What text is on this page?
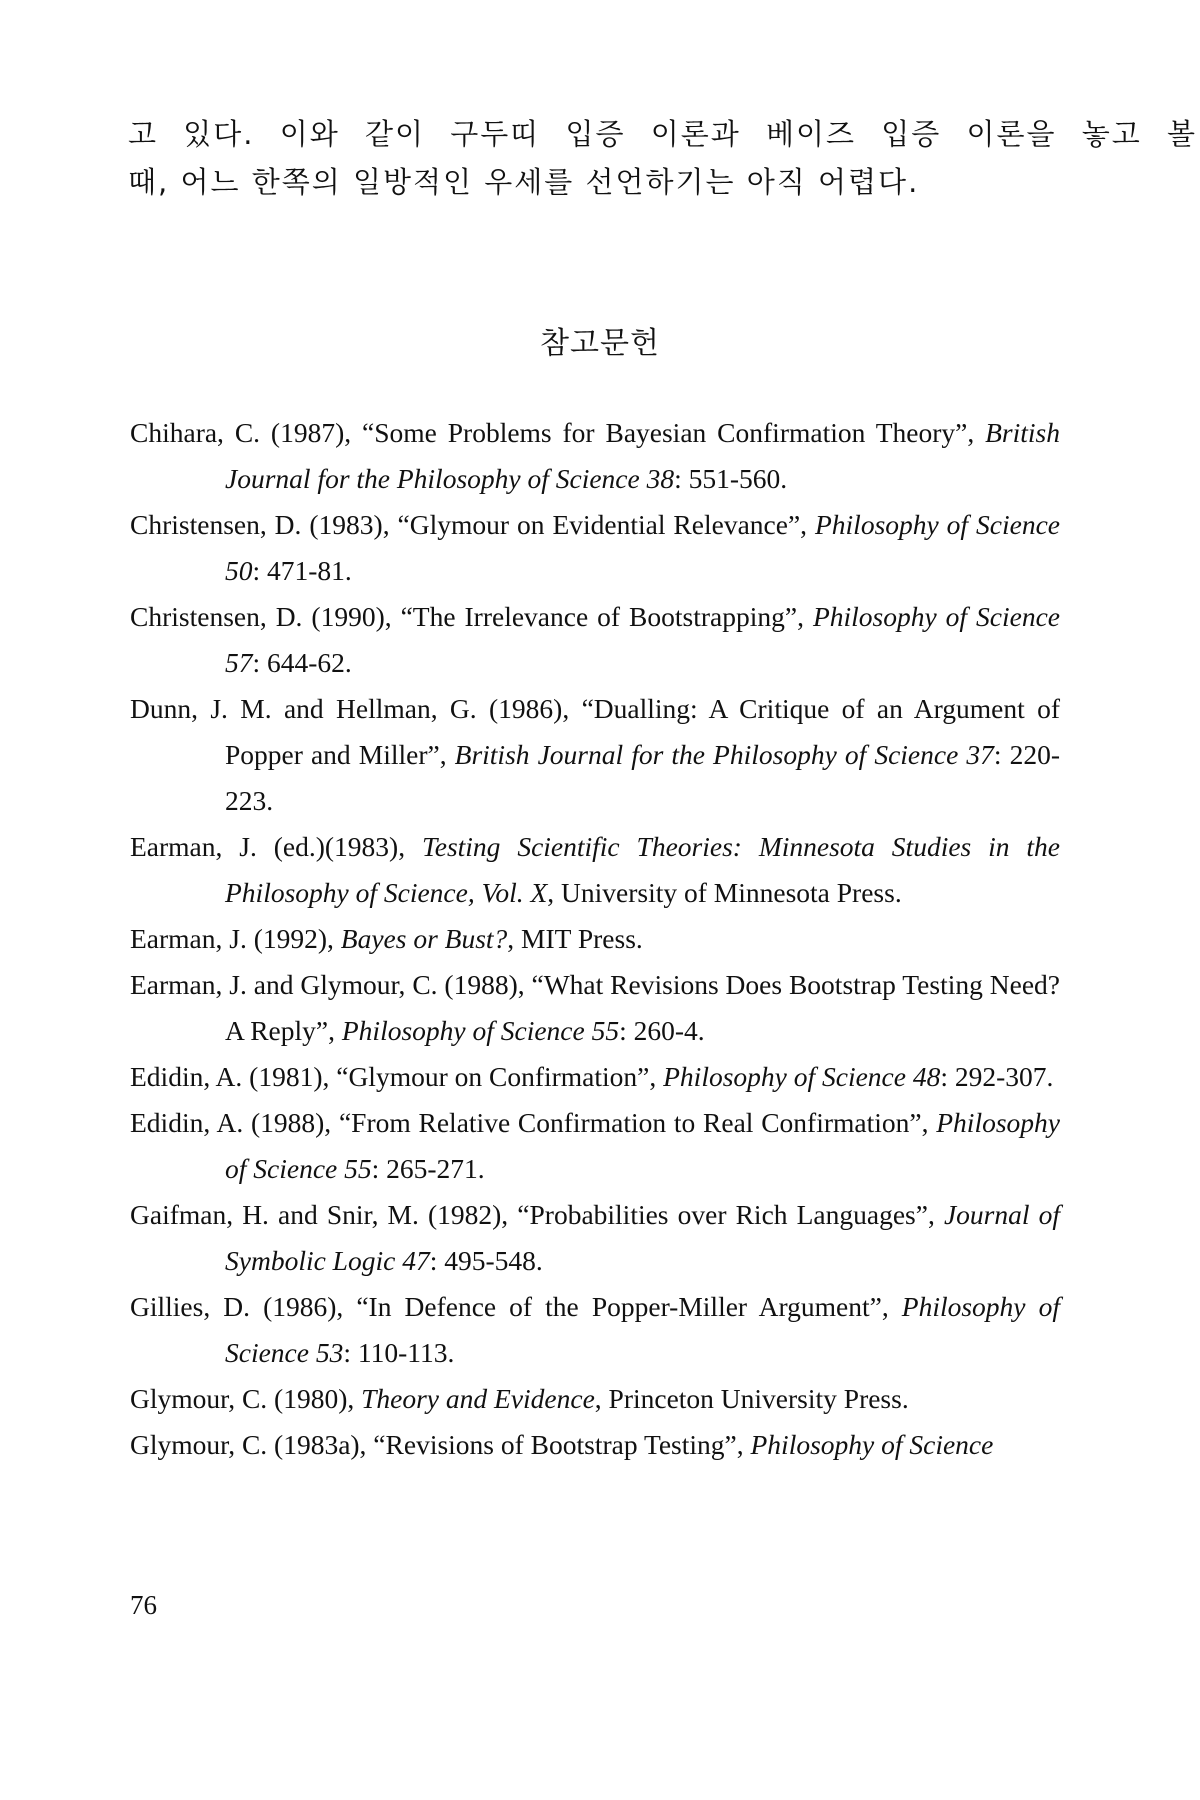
고 있다. 이와 같이 구두띠 입증 이론과 베이즈 입증 이론을 놓고 볼
때, 어느 한쪽의 일방적인 우세를 선언하기는 아직 어렵다.
참고문헌

Chihara, C. (1987), “Some Problems for Bayesian Confirmation Theory”, British Journal for the Philosophy of Science 38: 551-560.

Christensen, D. (1983), “Glymour on Evidential Relevance”, Philosophy of Science 50: 471-81.

Christensen, D. (1990), “The Irrelevance of Bootstrapping”, Philosophy of Science 57: 644-62.

Dunn, J. M. and Hellman, G. (1986), “Dualling: A Critique of an Argument of Popper and Miller”, British Journal for the Philosophy of Science 37: 220-223.

Earman, J. (ed.)(1983), Testing Scientific Theories: Minnesota Studies in the Philosophy of Science, Vol. X, University of Minnesota Press.

Earman, J. (1992), Bayes or Bust?, MIT Press.

Earman, J. and Glymour, C. (1988), “What Revisions Does Bootstrap Testing Need? A Reply”, Philosophy of Science 55: 260-4.

Edidin, A. (1981), “Glymour on Confirmation”, Philosophy of Science 48: 292-307.

Edidin, A. (1988), “From Relative Confirmation to Real Confirmation”, Philosophy of Science 55: 265-271.

Gaifman, H. and Snir, M. (1982), “Probabilities over Rich Languages”, Journal of Symbolic Logic 47: 495-548.

Gillies, D. (1986), “In Defence of the Popper-Miller Argument”, Philosophy of Science 53: 110-113.

Glymour, C. (1980), Theory and Evidence, Princeton University Press.

Glymour, C. (1983a), “Revisions of Bootstrap Testing”, Philosophy of Science

76
